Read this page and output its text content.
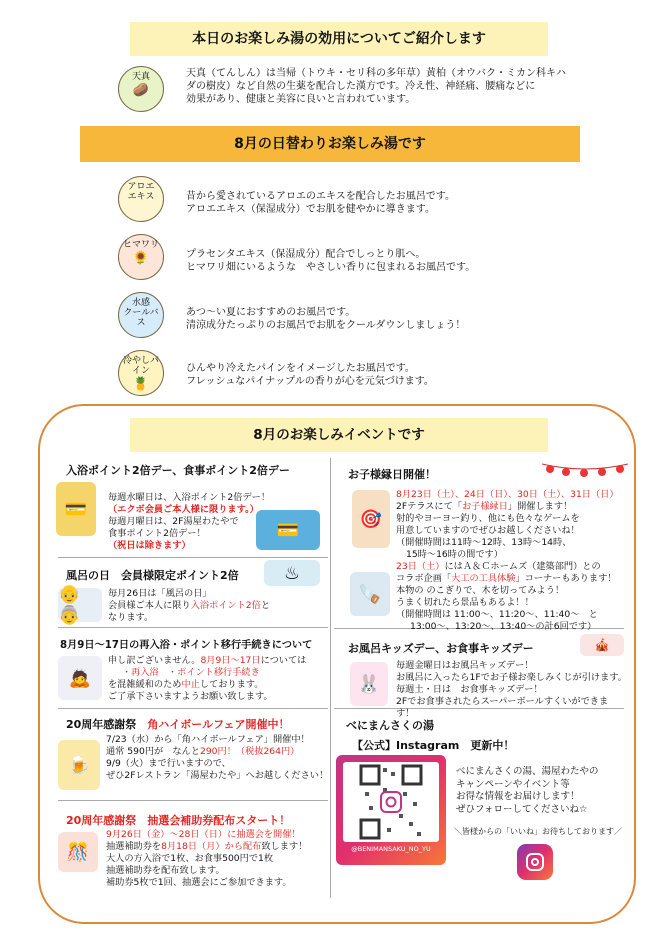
本日のお楽しみ湯の効用についてご紹介します
天真
🥔

天真（てんしん）は当帰（トウキ・セリ科の多年草）黄柏（オウバク・ミカン科キハ

ダの樹皮）など自然の生薬を配合した漢方です。冷え性、神経痛、腰痛などに

効果があり、健康と美容に良いと言われています。

8月の日替わりお楽しみ湯です
アロエ
エキス	昔から愛されているアロエのエキスを配合したお風呂です。

アロエエキス（保湿成分）でお肌を健やかに導きます。

ヒマワリ
🌻	プラセンタエキス（保湿成分）配合でしっとり肌へ。

ヒマワリ畑にいるような　やさしい香りに包まれるお風呂です。

水感
クールバス

あつ～い夏におすすめのお風呂です。

清涼成分たっぷりのお風呂でお肌をクールダウンしましょう！

冷やしパイン
🍍

ひんやり冷えたパインをイメージしたお風呂です。

フレッシュなパイナップルの香りが心を元気づけます。

8月のお楽しみイベントです
入浴ポイント2倍デー、食事ポイント2倍デー
💳
💳

毎週水曜日は、入浴ポイント2倍デー！

（エクボ会員ご本人様に限ります。）

毎週月曜日は、2F湯屋わたやで

食事ポイント2倍デー！

（祝日は除きます）

風呂の日　会員様限定ポイント2倍	♨
👴👵

毎月26日は「風呂の日」

会員様ご本人に限り入浴ポイント2倍と

なります。

8月9日～17日の再入浴・ポイント移行手続きについて
🙇

申し訳ございません。8月9日～17日については

・再入浴　・ポイント移行手続き

を混雑緩和のため中止しております。

ご了承下さいますようお願い致します。

20周年感謝祭　角ハイボールフェア開催中！
🍺

7/23（水）から「角ハイボールフェア」開催中！

通常 590円が　なんと290円！（税抜264円）

9/9（火）まで行いますので、

ぜひ2Fレストラン「湯屋わたや」へお越しください！

20周年感謝祭　抽選会補助券配布スタート！
🎊

9月26日（金）～28日（日）に抽選会を開催！

抽選補助券を8月18日（月）から配布致します！

大人の方入浴で1枚、お食事500円で1枚

抽選補助券を配布致します。

補助券5枚で1回、抽選会にご参加できます。

お子様縁日開催！
🎯
🪚

8月23日（土）、24日（日）、30日（土）、31日（日）

2Fテラスにて「お子様縁日」開催します！

射的やヨーヨー釣り、他にも色々なゲームを

用意していますのでぜひお越しくださいね！

（開催時間は11時～12時、13時～14時、

15時～16時の間です）

23日（土）にはＡ＆Ｃホームズ（建築部門）との

コラボ企画「大工の工具体験」コーナーもあります！

本物の のこぎりで、木を切ってみよう！

うまく切れたら景品もあるよ！！

（開催時間は 11:00～、11:20～、11:40～　と

13:00～、13:20～、13:40～の計6回です）

お風呂キッズデー、お食事キッズデー	🎪
🐰

毎週金曜日はお風呂キッズデー！

お風呂に入ったら1Fでお子様お楽しみくじが引けます。

毎週土・日は　お食事キッズデー！

2Fでお食事されたらスーパーボールすくいができま

す！

べにまんさくの湯
【公式】Instagram　更新中！
@BENIMANSAKU_NO_YU

べにまんさくの湯、湯屋わたやの

キャンペーンやイベント等

お得な情報をお届けします！

ぜひフォローしてくださいね☆

＼皆様からの「いいね」お待ちしております／
